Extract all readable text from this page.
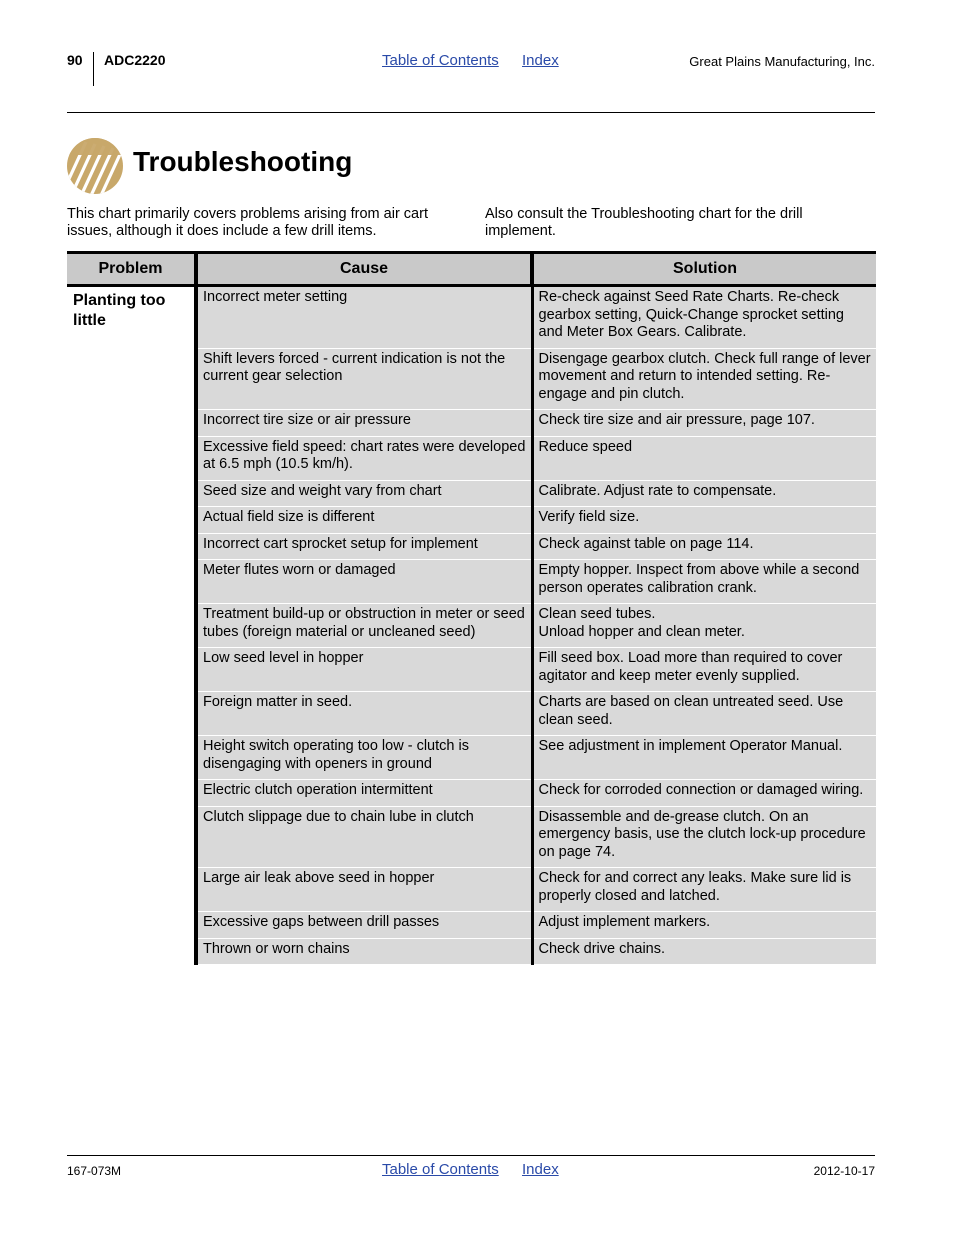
90 ADC2220	Table of Contents Index	Great Plains Manufacturing, Inc.
Troubleshooting
This chart primarily covers problems arising from air cart issues, although it does include a few drill items.
Also consult the Troubleshooting chart for the drill implement.
Problem	Cause	Solution
Planting too little	Incorrect meter setting	Re-check against Seed Rate Charts. Re-check gearbox setting, Quick-Change sprocket setting and Meter Box Gears. Calibrate.
	Shift levers forced - current indication is not the current gear selection	Disengage gearbox clutch. Check full range of lever movement and return to intended setting. Re-engage and pin clutch.
	Incorrect tire size or air pressure	Check tire size and air pressure, page 107.
	Excessive field speed: chart rates were developed at 6.5 mph (10.5 km/h).	Reduce speed
	Seed size and weight vary from chart	Calibrate. Adjust rate to compensate.
	Actual field size is different	Verify field size.
	Incorrect cart sprocket setup for implement	Check against table on page 114.
	Meter flutes worn or damaged	Empty hopper. Inspect from above while a second person operates calibration crank.
	Treatment build-up or obstruction in meter or seed tubes (foreign material or uncleaned seed)	Clean seed tubes.
Unload hopper and clean meter.
	Low seed level in hopper	Fill seed box. Load more than required to cover agitator and keep meter evenly supplied.
	Foreign matter in seed.	Charts are based on clean untreated seed. Use clean seed.
	Height switch operating too low - clutch is disengaging with openers in ground	See adjustment in implement Operator Manual.
	Electric clutch operation intermittent	Check for corroded connection or damaged wiring.
	Clutch slippage due to chain lube in clutch	Disassemble and de-grease clutch. On an emergency basis, use the clutch lock-up procedure on page 74.
	Large air leak above seed in hopper	Check for and correct any leaks. Make sure lid is properly closed and latched.
	Excessive gaps between drill passes	Adjust implement markers.
	Thrown or worn chains	Check drive chains.
167-073M	Table of Contents Index	2012-10-17
